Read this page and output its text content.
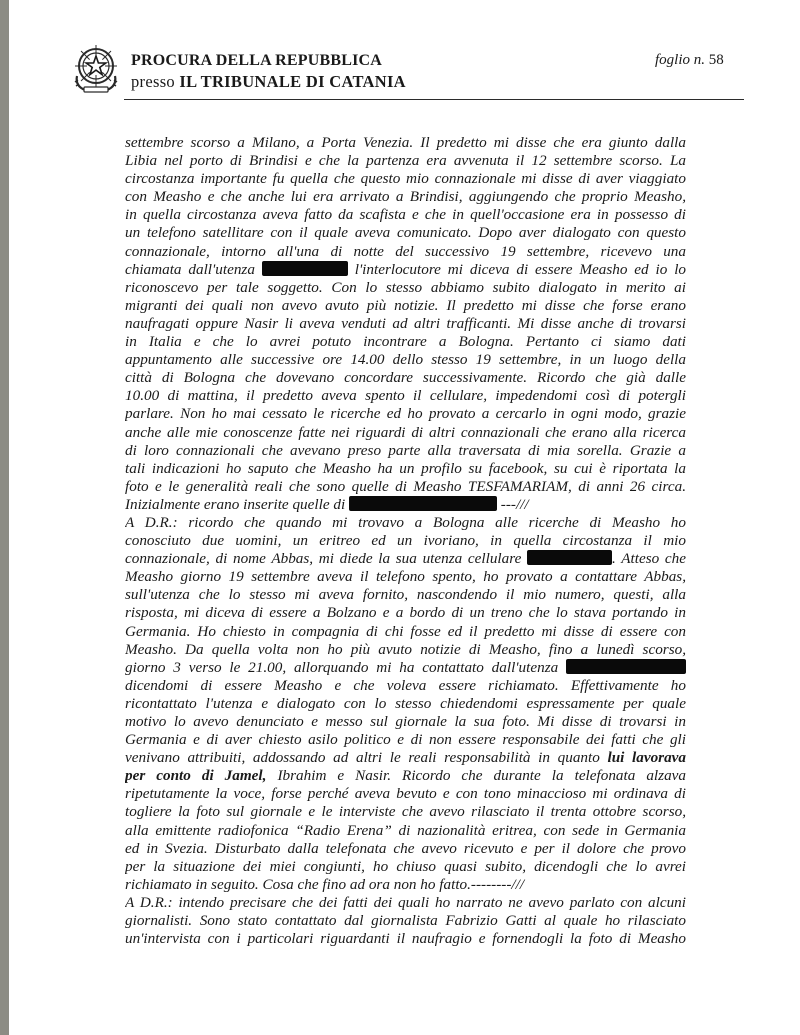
PROCURA DELLA REPUBBLICA
presso IL TRIBUNALE DI CATANIA
foglio n. 58
settembre scorso a Milano, a Porta Venezia. Il predetto mi disse che era giunto dalla
Libia nel porto di Brindisi e che la partenza era avvenuta il 12 settembre scorso. La
circostanza importante fu quella che questo mio connazionale mi disse di aver viaggiato
con Measho e che anche lui era arrivato a Brindisi, aggiungendo che proprio Measho,
in quella circostanza aveva fatto da scafista e che in quell'occasione era in possesso di
un telefono satellitare con il quale aveva comunicato. Dopo aver dialogato con questo
connazionale, intorno all'una di notte del successivo 19 settembre, ricevevo una
chiamata dall'utenza	l'interlocutore mi diceva di essere Measho ed io lo
riconoscevo per tale soggetto. Con lo stesso abbiamo subito dialogato in merito ai
migranti dei quali non avevo avuto più notizie. Il predetto mi disse che forse erano
naufragati oppure Nasir li aveva venduti ad altri trafficanti. Mi disse anche di trovarsi
in Italia e che lo avrei potuto incontrare a Bologna. Pertanto ci siamo dati
appuntamento alle successive ore 14.00 dello stesso 19 settembre, in un luogo della
città di Bologna che dovevano concordare successivamente. Ricordo che già dalle
10.00 di mattina, il predetto aveva spento il cellulare, impedendomi così di potergli
parlare. Non ho mai cessato le ricerche ed ho provato a cercarlo in ogni modo, grazie
anche alle mie conoscenze fatte nei riguardi di altri connazionali che erano alla ricerca
di loro connazionali che avevano preso parte alla traversata di mia sorella. Grazie a
tali indicazioni ho saputo che Measho ha un profilo su facebook, su cui è riportata la
foto e le generalità reali che sono quelle di Measho TESFAMARIAM, di anni 26 circa.
Inizialmente erano inserite quelle di	---///
A D.R.: ricordo che quando mi trovavo a Bologna alle ricerche di Measho ho
conosciuto due uomini, un eritreo ed un ivoriano, in quella circostanza il mio
connazionale, di nome Abbas, mi diede la sua utenza cellulare	. Atteso che
Measho giorno 19 settembre aveva il telefono spento, ho provato a contattare Abbas,
sull'utenza che lo stesso mi aveva fornito, nascondendo il mio numero, questi, alla
risposta, mi diceva di essere a Bolzano e a bordo di un treno che lo stava portando in
Germania. Ho chiesto in compagnia di chi fosse ed il predetto mi disse di essere con
Measho. Da quella volta non ho più avuto notizie di Measho, fino a lunedì scorso,
giorno 3 verso le 21.00, allorquando mi ha contattato dall'utenza
dicendomi di essere Measho e che voleva essere richiamato. Effettivamente ho
ricontattato l'utenza e dialogato con lo stesso chiedendomi espressamente per quale
motivo lo avevo denunciato e messo sul giornale la sua foto. Mi disse di trovarsi in
Germania e di aver chiesto asilo politico e di non essere responsabile dei fatti che gli
venivano attribuiti, addossando ad altri le reali responsabilità in quanto lui lavorava
per conto di Jamel, Ibrahim e Nasir. Ricordo che durante la telefonata alzava
ripetutamente la voce, forse perché aveva bevuto e con tono minaccioso mi ordinava di
togliere la foto sul giornale e le interviste che avevo rilasciato il trenta ottobre scorso,
alla emittente radiofonica “Radio Erena” di nazionalità eritrea, con sede in Germania
ed in Svezia. Disturbato dalla telefonata che avevo ricevuto e per il dolore che provo
per la situazione dei miei congiunti, ho chiuso quasi subito, dicendogli che lo avrei
richiamato in seguito. Cosa che fino ad ora non ho fatto.--------///
A D.R.: intendo precisare che dei fatti dei quali ho narrato ne avevo parlato con alcuni
giornalisti. Sono stato contattato dal giornalista Fabrizio Gatti al quale ho rilasciato
un'intervista con i particolari riguardanti il naufragio e fornendogli la foto di Measho
